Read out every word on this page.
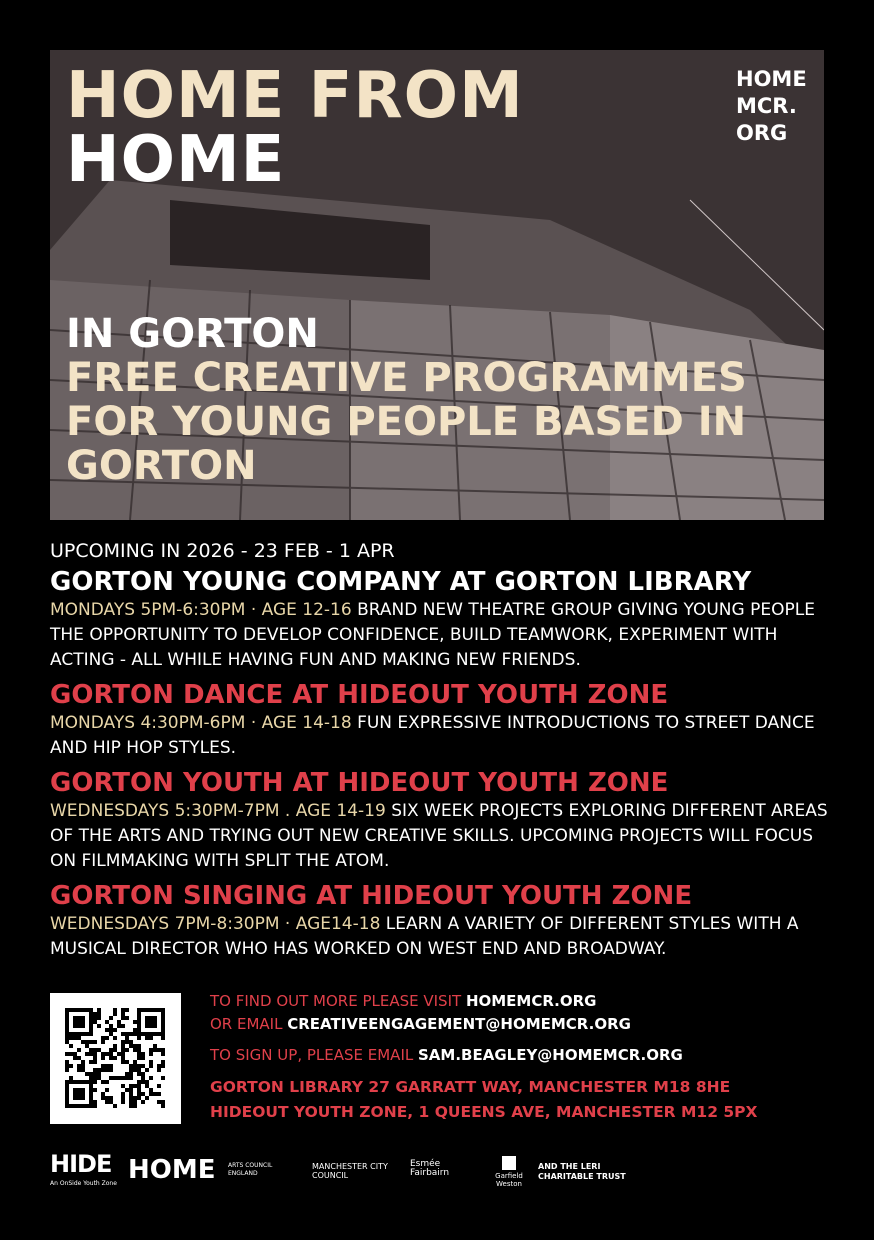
HOME FROM
HOME
HOME
MCR.
ORG
IN GORTON
FREE CREATIVE PROGRAMMES FOR YOUNG PEOPLE BASED IN GORTON
UPCOMING IN 2026 - 23 FEB - 1 APR
GORTON YOUNG COMPANY AT GORTON LIBRARY
MONDAYS 5PM-6:30PM · AGE 12-16 BRAND NEW THEATRE GROUP GIVING YOUNG PEOPLE THE OPPORTUNITY TO DEVELOP CONFIDENCE, BUILD TEAMWORK, EXPERIMENT WITH ACTING - ALL WHILE HAVING FUN AND MAKING NEW FRIENDS.
GORTON DANCE AT HIDEOUT YOUTH ZONE
MONDAYS 4:30PM-6PM · AGE 14-18 FUN EXPRESSIVE INTRODUCTIONS TO STREET DANCE AND HIP HOP STYLES.
GORTON YOUTH AT HIDEOUT YOUTH ZONE
WEDNESDAYS 5:30PM-7PM . AGE 14-19 SIX WEEK PROJECTS EXPLORING DIFFERENT AREAS OF THE ARTS AND TRYING OUT NEW CREATIVE SKILLS. UPCOMING PROJECTS WILL FOCUS ON FILMMAKING WITH SPLIT THE ATOM.
GORTON SINGING AT HIDEOUT YOUTH ZONE
WEDNESDAYS 7PM-8:30PM · AGE14-18 LEARN A VARIETY OF DIFFERENT STYLES WITH A MUSICAL DIRECTOR WHO HAS WORKED ON WEST END AND BROADWAY.
TO FIND OUT MORE PLEASE VISIT HOMEMCR.ORG
OR EMAIL CREATIVEENGAGEMENT@HOMEMCR.ORG
TO SIGN UP, PLEASE EMAIL SAM.BEAGLEY@HOMEMCR.ORG
GORTON LIBRARY 27 GARRATT WAY, MANCHESTER M18 8HE
HIDEOUT YOUTH ZONE, 1 QUEENS AVE, MANCHESTER M12 5PX
HIDE
An OnSide Youth Zone HOME ARTS COUNCIL ENGLAND
MANCHESTER CITY COUNCIL
Esmée Fairbairn	Garfield Weston
AND THE LERI CHARITABLE TRUST
